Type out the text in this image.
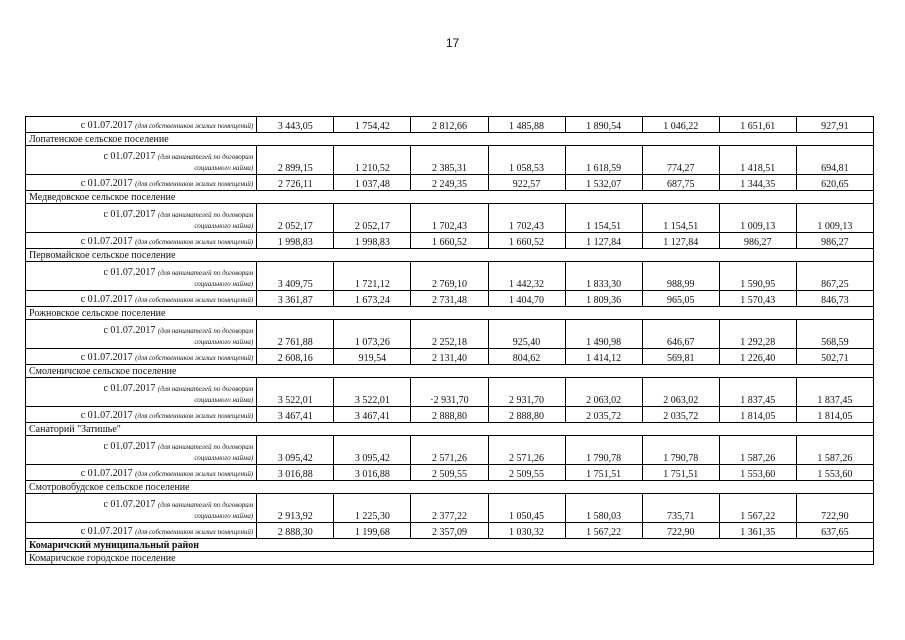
17
с 01.07.2017 (для собственников жилых помещений)	3 443,05	1 754,42	2 812,66	1 485,88	1 890,54	1 046,22	1 651,61	927,91
Лопатенское сельское поселение								
с 01.07.2017 (для нанимателей по договорам
социального найма)	2 899,15	1 210,52	2 385,31	1 058,53	1 618,59	774,27	1 418,51	694,81
с 01.07.2017 (для собственников жилых помещений)	2 726,11	1 037,48	2 249,35	922,57	1 532,07	687,75	1 344,35	620,65
Медведовское сельское поселение								
с 01.07.2017 (для нанимателей по договорам
социального найма)	2 052,17	2 052,17	1 702,43	1 702,43	1 154,51	1 154,51	1 009,13	1 009,13
с 01.07.2017 (для собственников жилых помещений)	1 998,83	1 998,83	1 660,52	1 660,52	1 127,84	1 127,84	986,27	986,27
Первомайское сельское поселение								
с 01.07.2017 (для нанимателей по договорам
социального найма)	3 409,75	1 721,12	2 769,10	1 442,32	1 833,30	988,99	1 590,95	867,25
с 01.07.2017 (для собственников жилых помещений)	3 361,87	1 673,24	2 731,48	1 404,70	1 809,36	965,05	1 570,43	846,73
Рожновское сельское поселение								
с 01.07.2017 (для нанимателей по договорам
социального найма)	2 761,88	1 073,26	2 252,18	925,40	1 490,98	646,67	1 292,28	568,59
с 01.07.2017 (для собственников жилых помещений)	2 608,16	919,54	2 131,40	804,62	1 414,12	569,81	1 226,40	502,71
Смоленичское сельское поселение								
с 01.07.2017 (для нанимателей по договорам
социального найма)	3 522,01	3 522,01	·2 931,70	2 931,70	2 063,02	2 063,02	1 837,45	1 837,45
с 01.07.2017 (для собственников жилых помещений)	3 467,41	3 467,41	2 888,80	2 888,80	2 035,72	2 035,72	1 814,05	1 814,05
Санаторий "Затишье"								
с 01.07.2017 (для нанимателей по договорам
социального найма)	3 095,42	3 095,42	2 571,26	2 571,26	1 790,78	1 790,78	1 587,26	1 587,26
с 01.07.2017 (для собственников жилых помещений)	3 016,88	3 016,88	2 509,55	2 509,55	1 751,51	1 751,51	1 553,60	1 553,60
Смотровобудское сельское поселение								
с 01.07.2017 (для нанимателей по договорам
социального найма)	2 913,92	1 225,30	2 377,22	1 050,45	1 580,03	735,71	1 567,22	722,90
с 01.07.2017 (для собственников жилых помещений)	2 888,30	1 199,68	2 357,09	1 030,32	1 567,22	722,90	1 361,35	637,65
Комаричский муниципальный район								
Комаричское городское поселение								
